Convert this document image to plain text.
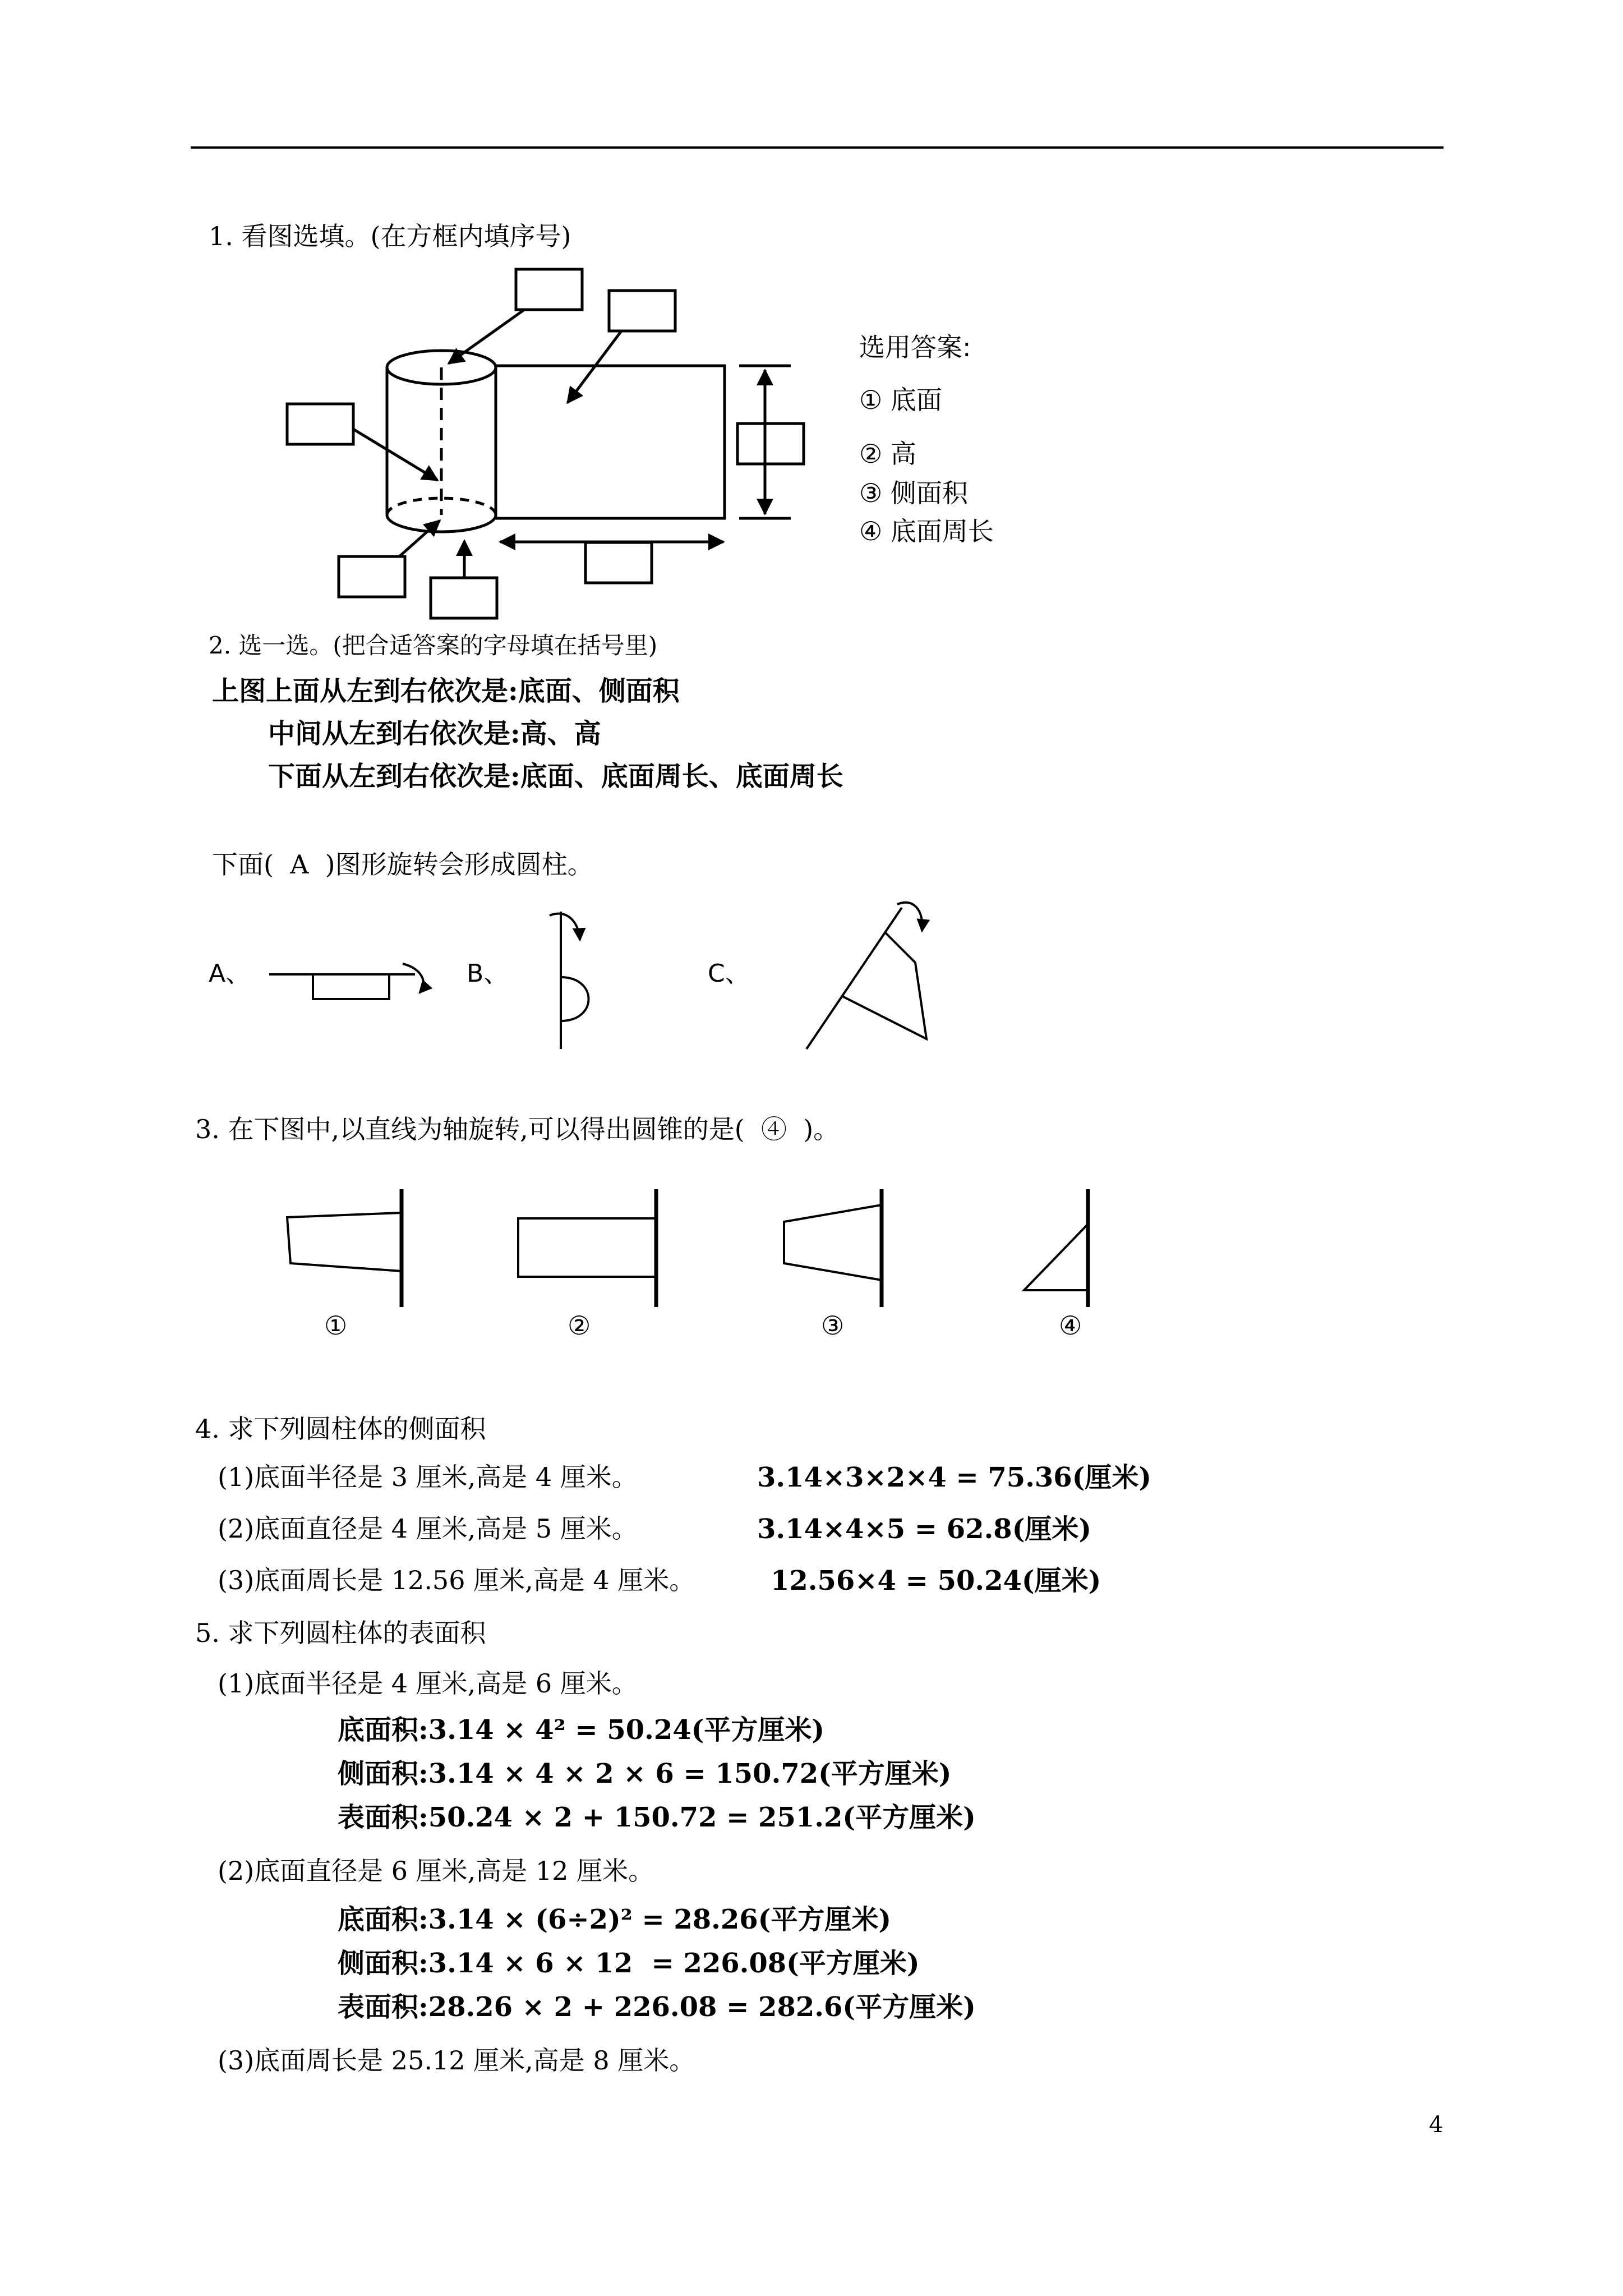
1. 看图选填。(在方框内填序号)
选用答案:
① 底面
② 高
③ 侧面积
④ 底面周长
2. 选一选。(把合适答案的字母填在括号里)
上图上面从左到右依次是:底面、侧面积
中间从左到右依次是:高、高
下面从左到右依次是:底面、底面周长、底面周长
下面(  A  )图形旋转会形成圆柱。
A、	B、	C、
3. 在下图中,以直线为轴旋转,可以得出圆锥的是(  ④  )。
①	②	③	④
4. 求下列圆柱体的侧面积
(1)底面半径是 3 厘米,高是 4 厘米。	3.14×3×2×4 = 75.36(厘米)
(2)底面直径是 4 厘米,高是 5 厘米。	3.14×4×5 = 62.8(厘米)
(3)底面周长是 12.56 厘米,高是 4 厘米。	12.56×4 = 50.24(厘米)
5. 求下列圆柱体的表面积
(1)底面半径是 4 厘米,高是 6 厘米。
底面积:3.14 × 4² = 50.24(平方厘米)
侧面积:3.14 × 4 × 2 × 6 = 150.72(平方厘米)
表面积:50.24 × 2 + 150.72 = 251.2(平方厘米)
(2)底面直径是 6 厘米,高是 12 厘米。
底面积:3.14 × (6÷2)² = 28.26(平方厘米)
侧面积:3.14 × 6 × 12  = 226.08(平方厘米)
表面积:28.26 × 2 + 226.08 = 282.6(平方厘米)
(3)底面周长是 25.12 厘米,高是 8 厘米。
4
